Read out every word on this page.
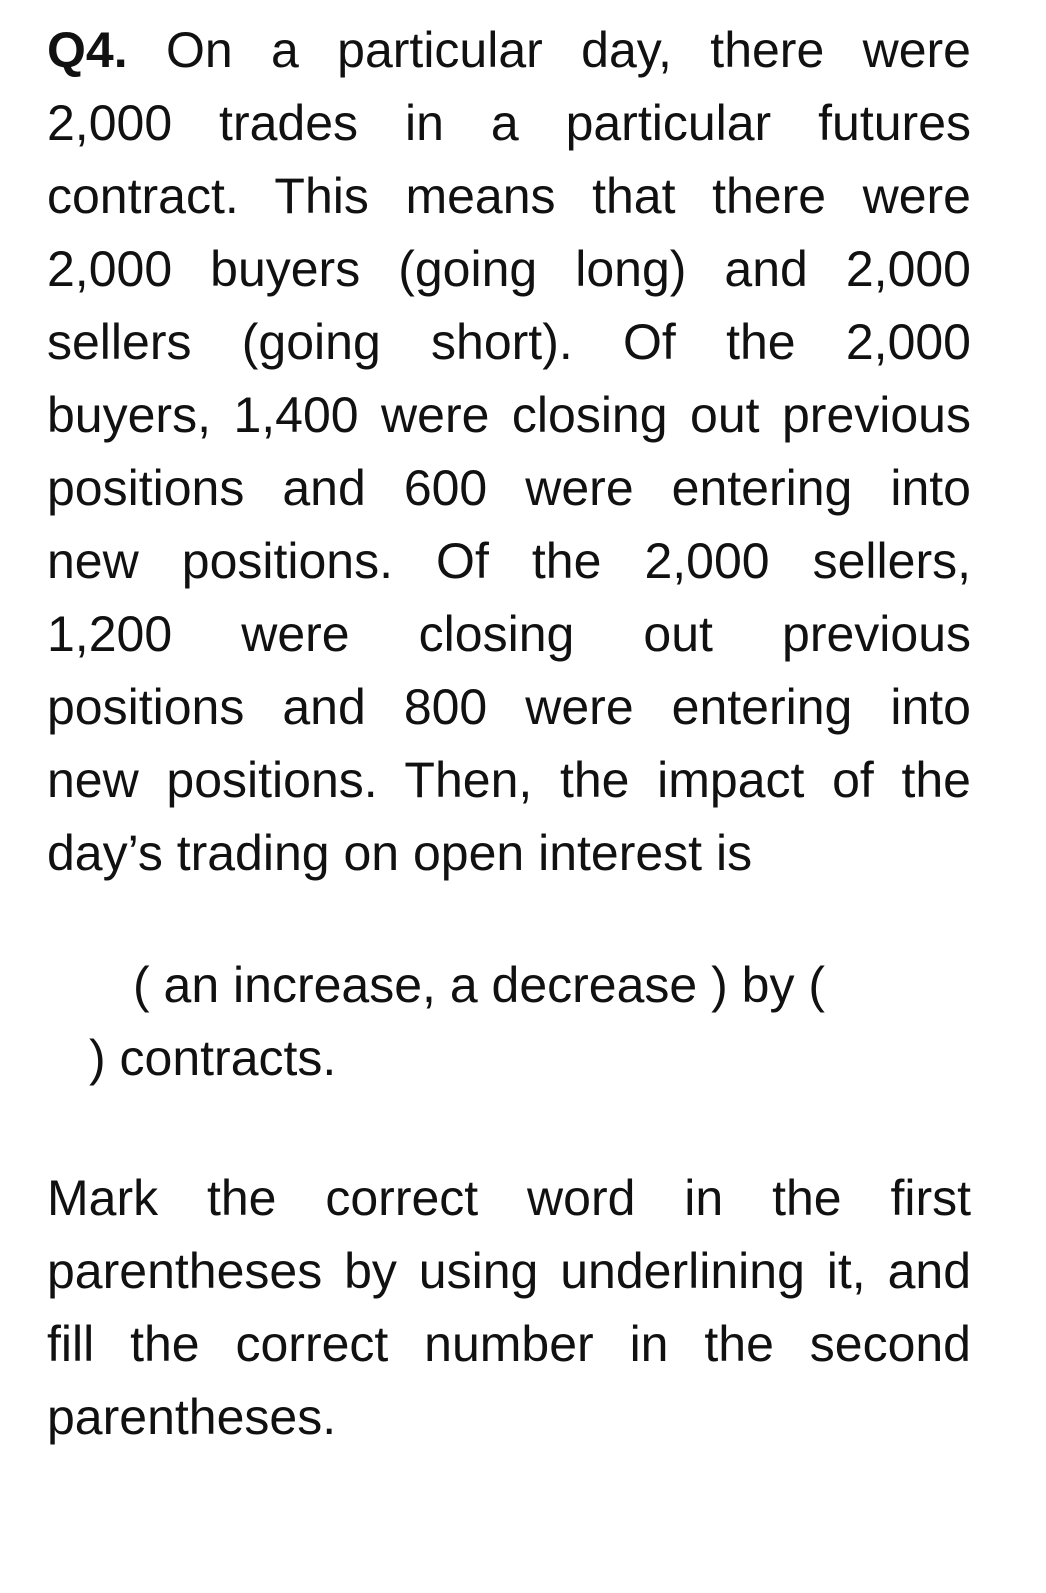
Q4. On a particular day, there were
2,000 trades in a particular futures
contract. This means that there were
2,000 buyers (going long) and 2,000
sellers (going short). Of the 2,000
buyers, 1,400 were closing out previous
positions and 600 were entering into
new positions. Of the 2,000 sellers,
1,200 were closing out previous
positions and 800 were entering into
new positions. Then, the impact of the
day’s trading on open interest is
( an increase, a decrease ) by (
) contracts.
Mark the correct word in the first
parentheses by using underlining it, and
fill the correct number in the second
parentheses.
